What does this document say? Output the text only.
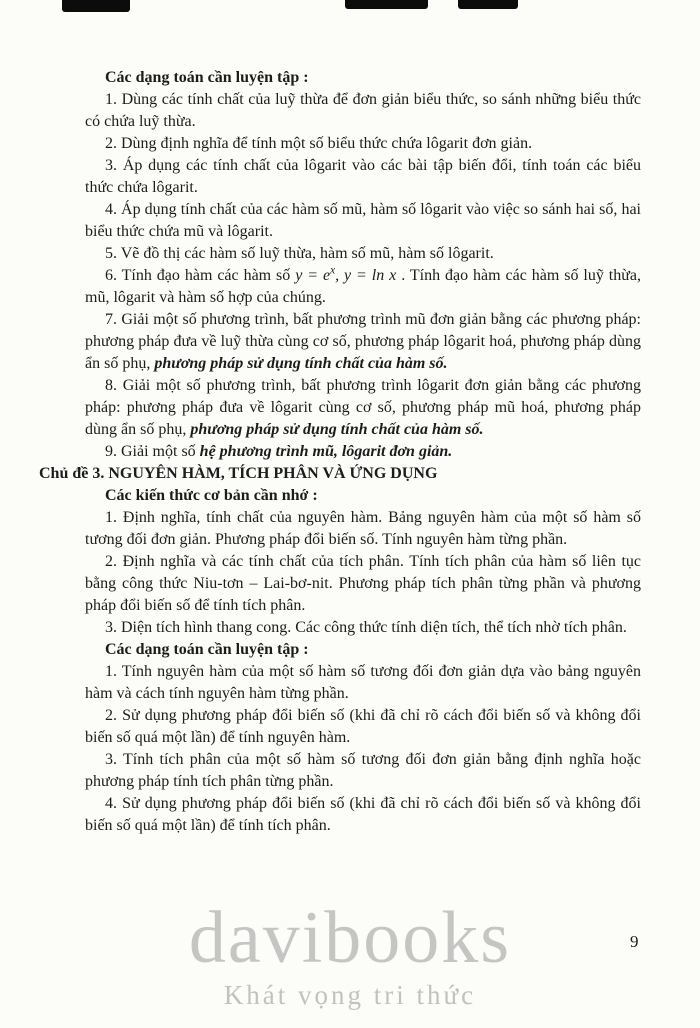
Các dạng toán cần luyện tập :

1. Dùng các tính chất của luỹ thừa để đơn giản biểu thức, so sánh những biểu thức có chứa luỹ thừa.

2. Dùng định nghĩa để tính một số biểu thức chứa lôgarit đơn giản.

3. Áp dụng các tính chất của lôgarit vào các bài tập biến đổi, tính toán các biểu thức chứa lôgarit.

4. Áp dụng tính chất của các hàm số mũ, hàm số lôgarit vào việc so sánh hai số, hai biểu thức chứa mũ và lôgarit.

5. Vẽ đồ thị các hàm số luỹ thừa, hàm số mũ, hàm số lôgarit.

6. Tính đạo hàm các hàm số $y = e^x$, y = ln x . Tính đạo hàm các hàm số luỹ thừa, mũ, lôgarit và hàm số hợp của chúng.

7. Giải một số phương trình, bất phương trình mũ đơn giản bằng các phương pháp: phương pháp đưa về luỹ thừa cùng cơ số, phương pháp lôgarit hoá, phương pháp dùng ẩn số phụ, phương pháp sử dụng tính chất của hàm số.

8. Giải một số phương trình, bất phương trình lôgarit đơn giản bằng các phương pháp: phương pháp đưa về lôgarit cùng cơ số, phương pháp mũ hoá, phương pháp dùng ẩn số phụ, phương pháp sử dụng tính chất của hàm số.

9. Giải một số hệ phương trình mũ, lôgarit đơn giản.

Chủ đề 3. NGUYÊN HÀM, TÍCH PHÂN VÀ ỨNG DỤNG

Các kiến thức cơ bản cần nhớ :

1. Định nghĩa, tính chất của nguyên hàm. Bảng nguyên hàm của một số hàm số tương đối đơn giản. Phương pháp đổi biến số. Tính nguyên hàm từng phần.

2. Định nghĩa và các tính chất của tích phân. Tính tích phân của hàm số liên tục bằng công thức Niu-tơn – Lai-bơ-nit. Phương pháp tích phân từng phần và phương pháp đổi biến số để tính tích phân.

3. Diện tích hình thang cong. Các công thức tính diện tích, thể tích nhờ tích phân.

Các dạng toán cần luyện tập :

1. Tính nguyên hàm của một số hàm số tương đối đơn giản dựa vào bảng nguyên hàm và cách tính nguyên hàm từng phần.

2. Sử dụng phương pháp đổi biến số (khi đã chỉ rõ cách đổi biến số và không đổi biến số quá một lần) để tính nguyên hàm.

3. Tính tích phân của một số hàm số tương đối đơn giản bằng định nghĩa hoặc phương pháp tính tích phân từng phần.

4. Sử dụng phương pháp đổi biến số (khi đã chỉ rõ cách đổi biến số và không đổi biến số quá một lần) để tính tích phân.

davibooks
Khát vọng tri thức
9
